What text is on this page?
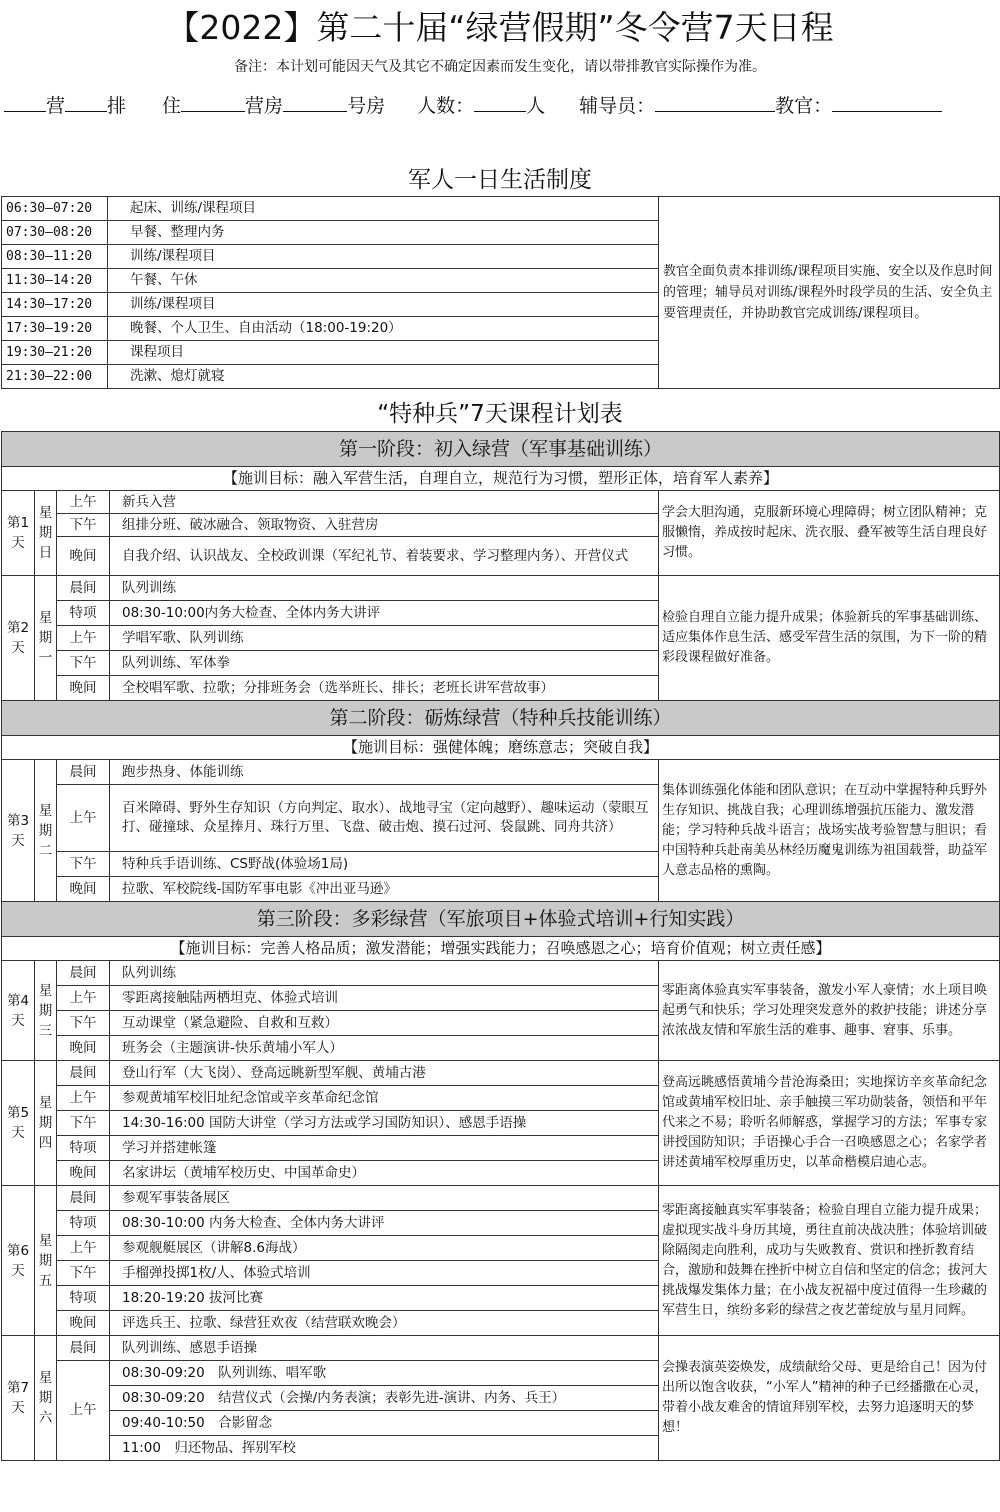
【2022】第二十届“绿营假期”冬令营7天日程
备注：本计划可能因天气及其它不确定因素而发生变化，请以带排教官实际操作为准。
营 排 住	营房	号房 人数：	人 辅导员：	教官：
军人一日生活制度
06:30—07:20	起床、训练/课程项目	教官全面负责本排训练/课程项目实施、安全以及作息时间的管理；辅导员对训练/课程外时段学员的生活、安全负主要管理责任，并协助教官完成训练/课程项目。
07:30—08:20	早餐、整理内务	
08:30—11:20	训练/课程项目	
11:30—14:20	午餐、午休	
14:30—17:20	训练/课程项目	
17:30—19:20	晚餐、个人卫生、自由活动（18:00-19:20）	
19:30—21:20	课程项目	
21:30—22:00	洗漱、熄灯就寝	
“特种兵”7天课程计划表
第一阶段：初入绿营（军事基础训练）				
【施训目标：融入军营生活，自理自立，规范行为习惯，塑形正体，培育军人素养】				
第1天	星期日	上午	新兵入营	学会大胆沟通，克服新环境心理障碍；树立团队精神；克服懒惰，养成按时起床、洗衣服、叠军被等生活自理良好习惯。
		下午	组排分班、破冰融合、领取物资、入驻营房	
		晚间	自我介绍、认识战友、全校政训课（军纪礼节、着装要求、学习整理内务）、开营仪式	
第2天	星期一	晨间	队列训练	检验自理自立能力提升成果；体验新兵的军事基础训练、适应集体作息生活、感受军营生活的氛围，为下一阶的精彩段课程做好准备。
		特项	08:30-10:00内务大检查、全体内务大讲评	
		上午	学唱军歌、队列训练	
		下午	队列训练、军体拳	
		晚间	全校唱军歌、拉歌；分排班务会（选举班长、排长；老班长讲军营故事）	
第二阶段：砺炼绿营（特种兵技能训练）				
【施训目标：强健体魄；磨练意志；突破自我】				
第3天	星期二	晨间	跑步热身、体能训练	集体训练强化体能和团队意识；在互动中掌握特种兵野外生存知识、挑战自我；心理训练增强抗压能力、激发潜能；学习特种兵战斗语言；战场实战考验智慧与胆识；看中国特种兵赴南美丛林经历魔鬼训练为祖国载誉，助益军人意志品格的熏陶。
		上午	百米障碍、野外生存知识（方向判定、取水）、战地寻宝（定向越野）、趣味运动（蒙眼互打、碰撞球、众星捧月、珠行万里、飞盘、破击炮、摸石过河、袋鼠跳、同舟共济）	
		下午	特种兵手语训练、CS野战(体验场1局)	
		晚间	拉歌、军校院线-国防军事电影《冲出亚马逊》	
第三阶段：多彩绿营（军旅项目+体验式培训+行知实践）				
【施训目标：完善人格品质；激发潜能；增强实践能力；召唤感恩之心；培育价值观；树立责任感】				
第4天	星期三	晨间	队列训练	零距离体验真实军事装备，激发小军人豪情；水上项目唤起勇气和快乐；学习处理突发意外的救护技能；讲述分享浓浓战友情和军旅生活的难事、趣事、窘事、乐事。
		上午	零距离接触陆两栖坦克、体验式培训	
		下午	互动课堂（紧急避险、自救和互救）	
		晚间	班务会（主题演讲-快乐黄埔小军人）	
第5天	星期四	晨间	登山行军（大飞岗）、登高远眺新型军舰、黄埔古港	登高远眺感悟黄埔今昔沧海桑田；实地探访辛亥革命纪念馆或黄埔军校旧址、亲手触摸三军功勋装备，领悟和平年代来之不易；聆听名师解惑，掌握学习的方法；军事专家讲授国防知识；手语操心手合一召唤感恩之心；名家学者讲述黄埔军校厚重历史，以革命楷模启迪心志。
		上午	参观黄埔军校旧址纪念馆或辛亥革命纪念馆	
		下午	14:30-16:00 国防大讲堂（学习方法或学习国防知识）、感恩手语操	
		特项	学习并搭建帐篷	
		晚间	名家讲坛（黄埔军校历史、中国革命史）	
第6天	星期五	晨间	参观军事装备展区	零距离接触真实军事装备；检验自理自立能力提升成果；虚拟现实战斗身历其境，勇往直前决战决胜；体验培训破除隔阂走向胜利，成功与失败教育、赏识和挫折教育结合，激励和鼓舞在挫折中树立自信和坚定的信念；拔河大挑战爆发集体力量；在小战友祝福中度过值得一生珍藏的军营生日，缤纷多彩的绿营之夜艺蕾绽放与星月同辉。
		特项	08:30-10:00 内务大检查、全体内务大讲评	
		上午	参观舰艇展区（讲解8.6海战）	
		下午	手榴弹投掷1枚/人、体验式培训	
		特项	18:20-19:20 拔河比赛	
		晚间	评选兵王、拉歌、绿营狂欢夜（结营联欢晚会）	
第7天	星期六	晨间	队列训练、感恩手语操	会操表演英姿焕发，成绩献给父母、更是给自己！因为付出所以饱含收获，“小军人”精神的种子已经播撒在心灵，带着小战友难舍的情谊拜别军校，去努力追逐明天的梦想！
		上午	08:30-09:20　队列训练、唱军歌	
			08:30-09:20　结营仪式（会操/内务表演；表彰先进-演讲、内务、兵王）	
			09:40-10:50　合影留念	
			11:00　归还物品、挥别军校	
